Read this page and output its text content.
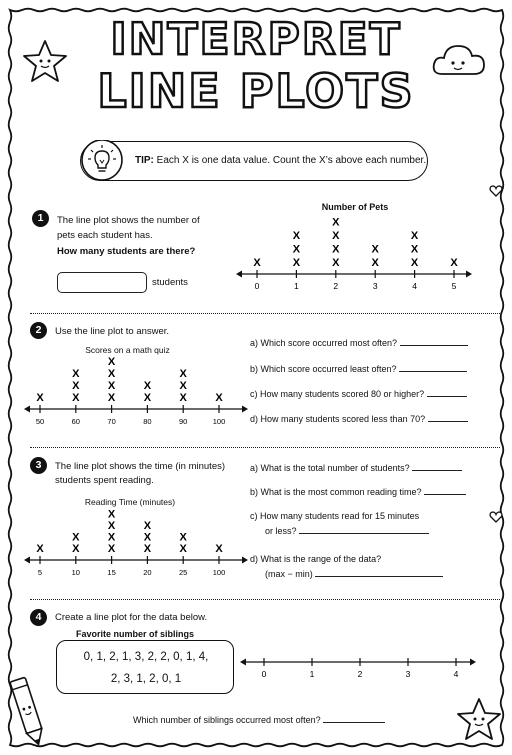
INTERPRET
LINE PLOTS
TIP: Each X is one data value. Count the X’s above each number.
1	The line plot shows the number of
pets each student has.
How many students are there?
students
Number of Pets
0
X
1
X
X
X
2
X
X
X
X
3
X
X
4
X
X
X
5
X
2	Use the line plot to answer.
Scores on a math quiz
50
X
60
X
X
X
70
X
X
X
X
80
X
X
90
X
X
X
100
X
a) Which score occurred most often?
b) Which score occurred least often?
c) How many students scored 80 or higher?
d) How many students scored less than 70?
3	The line plot shows the time (in minutes)
students spent reading.
Reading Time (minutes)
5
X
10
X
X
15
X
X
X
X
20
X
X
X
25
X
X
100
X
a) What is the total number of students?
b) What is the most common reading time?
c) How many students read for 15 minutes
or less?
d) What is the range of the data?
(max − min)
4	Create a line plot for the data below.
Favorite number of siblings
0, 1, 2, 1, 3, 2, 2, 0, 1, 4,
2, 3, 1, 2, 0, 1	0	1	2	3	4
Which number of siblings occurred most often?
